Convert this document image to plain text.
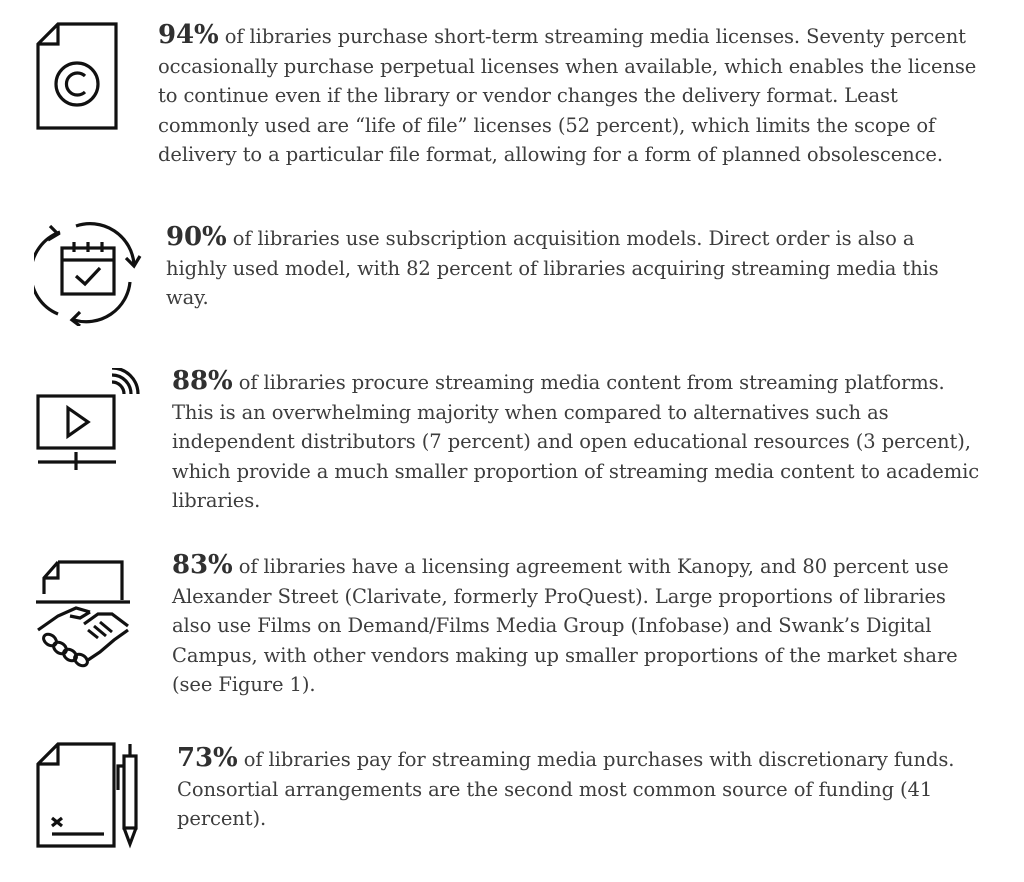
94% of libraries purchase short-term streaming media licenses. Seventy percent occasionally purchase perpetual licenses when available, which enables the license to continue even if the library or vendor changes the delivery format. Least commonly used are “life of file” licenses (52 percent), which limits the scope of delivery to a particular file format, allowing for a form of planned obsolescence.
90% of libraries use subscription acquisition models. Direct order is also a highly used model, with 82 percent of libraries acquiring streaming media this way.
88% of libraries procure streaming media content from streaming platforms. This is an overwhelming majority when compared to alternatives such as independent distributors (7 percent) and open educational resources (3 percent), which provide a much smaller proportion of streaming media content to academic libraries.
83% of libraries have a licensing agreement with Kanopy, and 80 percent use Alexander Street (Clarivate, formerly ProQuest). Large proportions of libraries also use Films on Demand/Films Media Group (Infobase) and Swank’s Digital Campus, with other vendors making up smaller proportions of the market share (see Figure 1).
73% of libraries pay for streaming media purchases with discretionary funds. Consortial arrangements are the second most common source of funding (41 percent).
